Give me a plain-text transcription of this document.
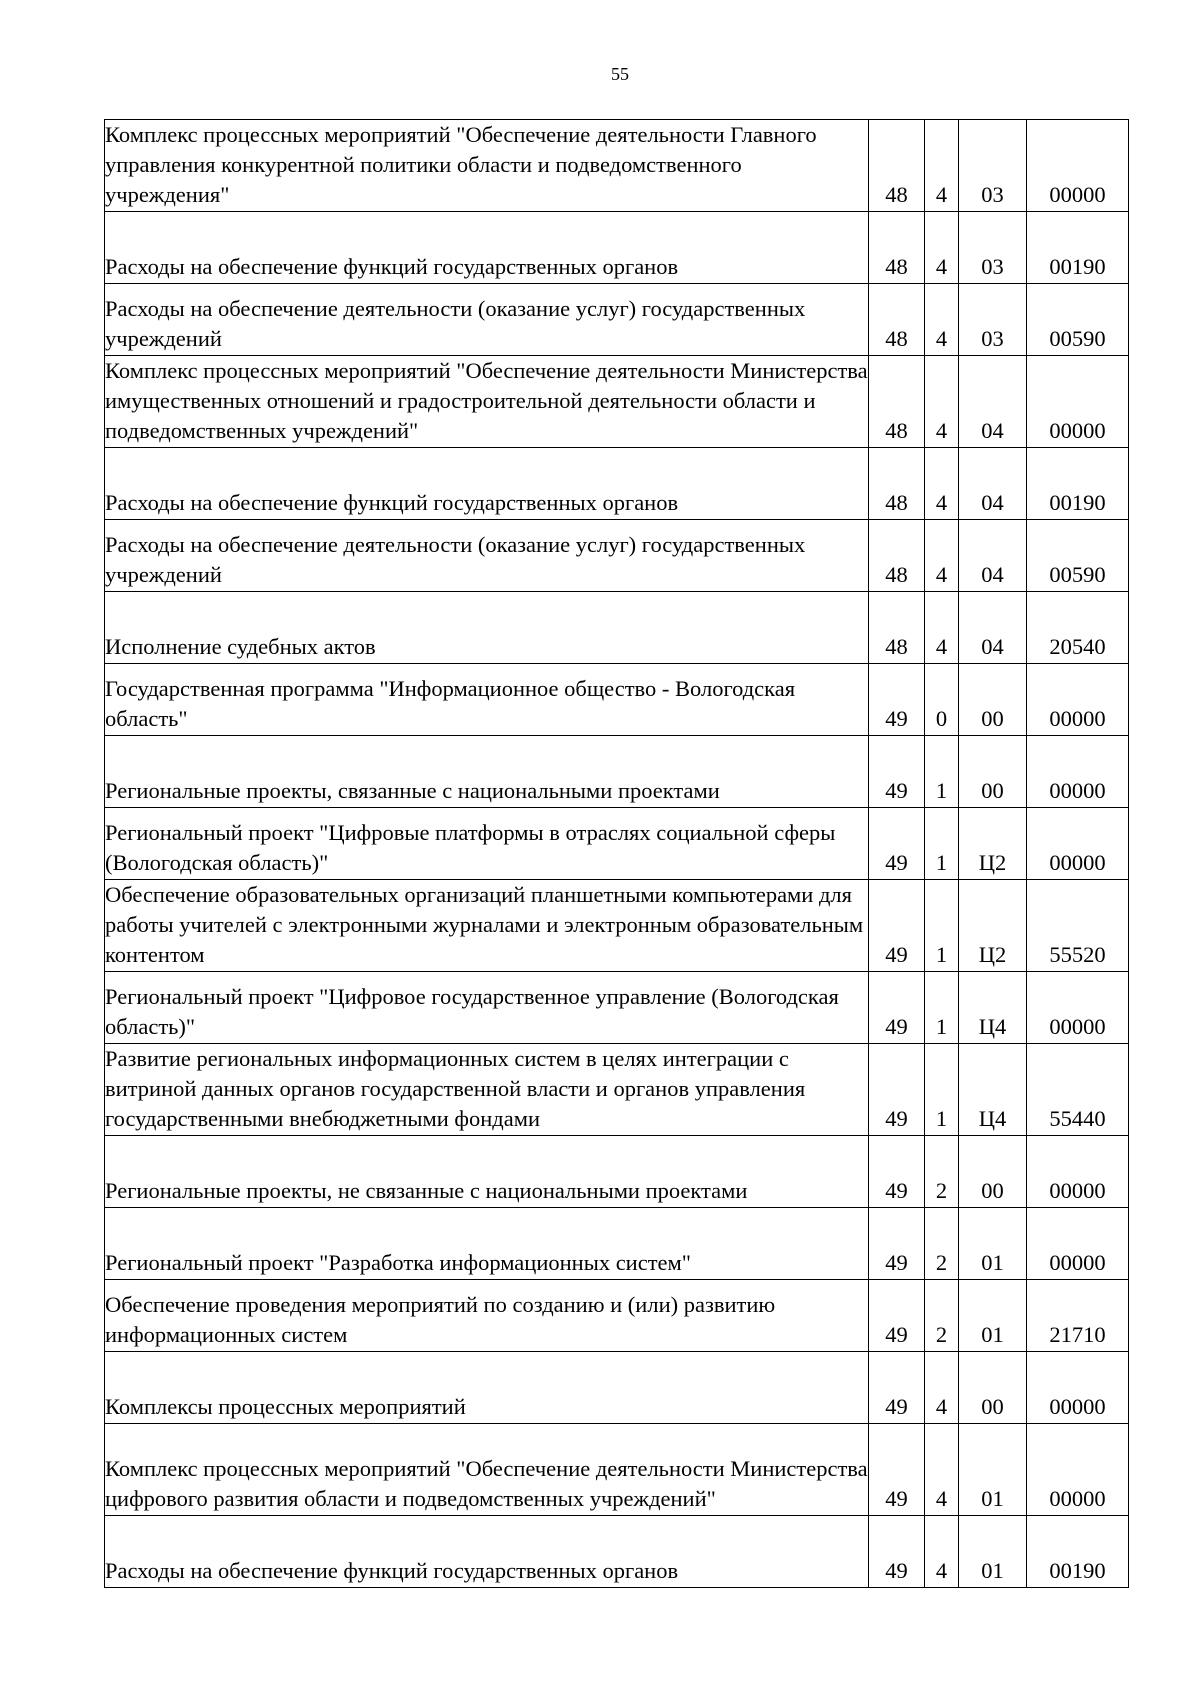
55
Комплекс процессных мероприятий "Обеспечение деятельности Главного управления конкурентной политики области и подведомственного учреждения"	48	4	03	00000
Расходы на обеспечение функций государственных органов	48	4	03	00190
Расходы на обеспечение деятельности (оказание услуг) государственных учреждений	48	4	03	00590
Комплекс процессных мероприятий "Обеспечение деятельности Министерства имущественных отношений и градостроительной деятельности области и подведомственных учреждений"	48	4	04	00000
Расходы на обеспечение функций государственных органов	48	4	04	00190
Расходы на обеспечение деятельности (оказание услуг) государственных учреждений	48	4	04	00590
Исполнение судебных актов	48	4	04	20540
Государственная программа "Информационное общество - Вологодская область"	49	0	00	00000
Региональные проекты, связанные с национальными проектами	49	1	00	00000
Региональный проект "Цифровые платформы в отраслях социальной сферы (Вологодская область)"	49	1	Ц2	00000
Обеспечение образовательных организаций планшетными компьютерами для работы учителей с электронными журналами и электронным образовательным контентом	49	1	Ц2	55520
Региональный проект "Цифровое государственное управление (Вологодская область)"	49	1	Ц4	00000
Развитие региональных информационных систем в целях интеграции с витриной данных органов государственной власти и органов управления государственными внебюджетными фондами	49	1	Ц4	55440
Региональные проекты, не связанные с национальными проектами	49	2	00	00000
Региональный проект "Разработка информационных систем"	49	2	01	00000
Обеспечение проведения мероприятий по созданию и (или) развитию информационных систем	49	2	01	21710
Комплексы процессных мероприятий	49	4	00	00000
Комплекс процессных мероприятий "Обеспечение деятельности Министерства цифрового развития области и подведомственных учреждений"	49	4	01	00000
Расходы на обеспечение функций государственных органов	49	4	01	00190
